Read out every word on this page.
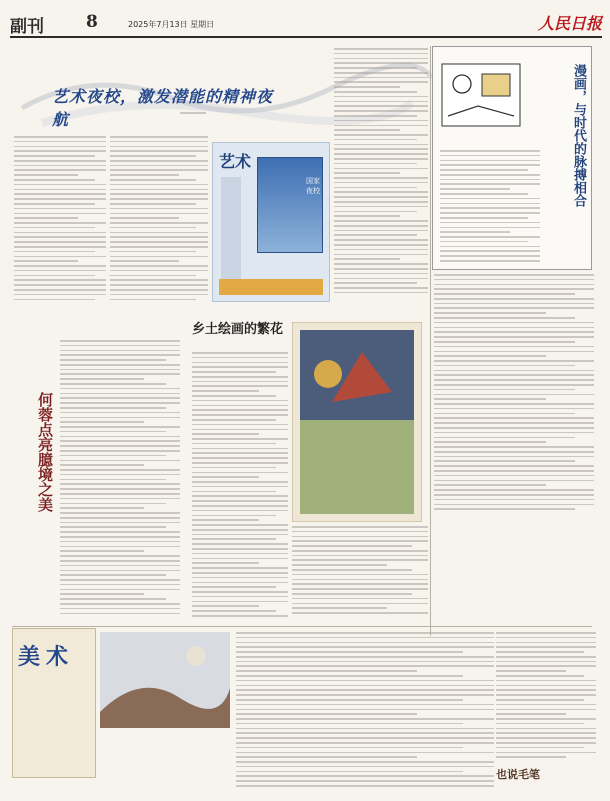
副刊 8	2025年7月13日 星期日	人民日报
艺术夜校，激发潜能的精神夜航
艺术
国家夜校	漫画，与时代的脉搏相合
何蓉点亮臆境之美
乡土绘画的繁花
美术
也说毛笔
